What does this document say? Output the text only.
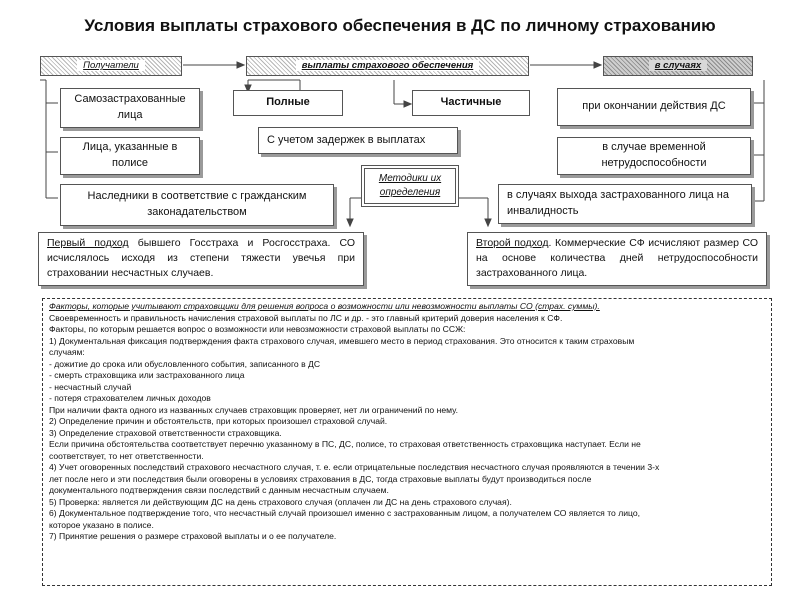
Условия выплаты страхового обеспечения в ДС по личному страхованию
Получатели	выплаты страхового обеспечения	в случаях
Самозастрахованные лица
Лица, указанные в полисе
Наследники в соответствие с гражданским законадательством
Полные	Частичные
С учетом задержек в выплатах
Методики их определения
при окончании действия ДС
в случае временной нетрудоспособности
в случаях выхода застрахованного лица на инвалидность
Первый подход бывшего Госстраха и Росгосстраха. СО исчислялось исходя из степени тяжести увечья при страховании несчастных случаев.
Второй подход. Коммерческие СФ исчисляют размер СО на основе количества дней нетрудоспособности застрахованного лица.
Факторы, которые учитывают страховщики для решения вопроса о возможности или невозможности выплаты СО (страх. суммы).
Своевременность и правильность начисления страховой выплаты по ЛС и др. - это главный критерий доверия населения к СФ.
Факторы, по которым решается вопрос о возможности или невозможности страховой выплаты по ССЖ:
1) Документальная фиксация подтверждения факта страхового случая, имевшего место в период страхования. Это относится к таким страховым
случаям:
- дожитие до срока или обусловленного события, записанного в ДС
- смерть страховщика или застрахованного лица
- несчастный случай
- потеря страхователем личных доходов
При наличии факта одного из названных случаев страховщик проверяет, нет ли ограничений по нему.
2) Определение причин и обстоятельств, при которых произошел страховой случай.
3) Определение страховой ответственности страховщика.
Если причина обстоятельства соответствует перечню указанному в ПС, ДС, полисе, то страховая ответственность страховщика наступает. Если не
соответствует, то нет ответственности.
4) Учет оговоренных последствий страхового несчастного случая, т. е. если отрицательные последствия несчастного случая проявляются в течении 3-х
лет после него и эти последствия были оговорены в условиях страхования в ДС, тогда страховые выплаты будут производиться после
документального подтверждения связи последствий с данным несчастным случаем.
5) Проверка: является ли действующим ДС на день страхового случая (оплачен ли ДС на день страхового случая).
6) Документальное подтверждение того, что несчастный случай произошел именно с застрахованным лицом, а получателем СО является то лицо,
которое указано в полисе.
7) Принятие решения о размере страховой выплаты и о ее получателе.
